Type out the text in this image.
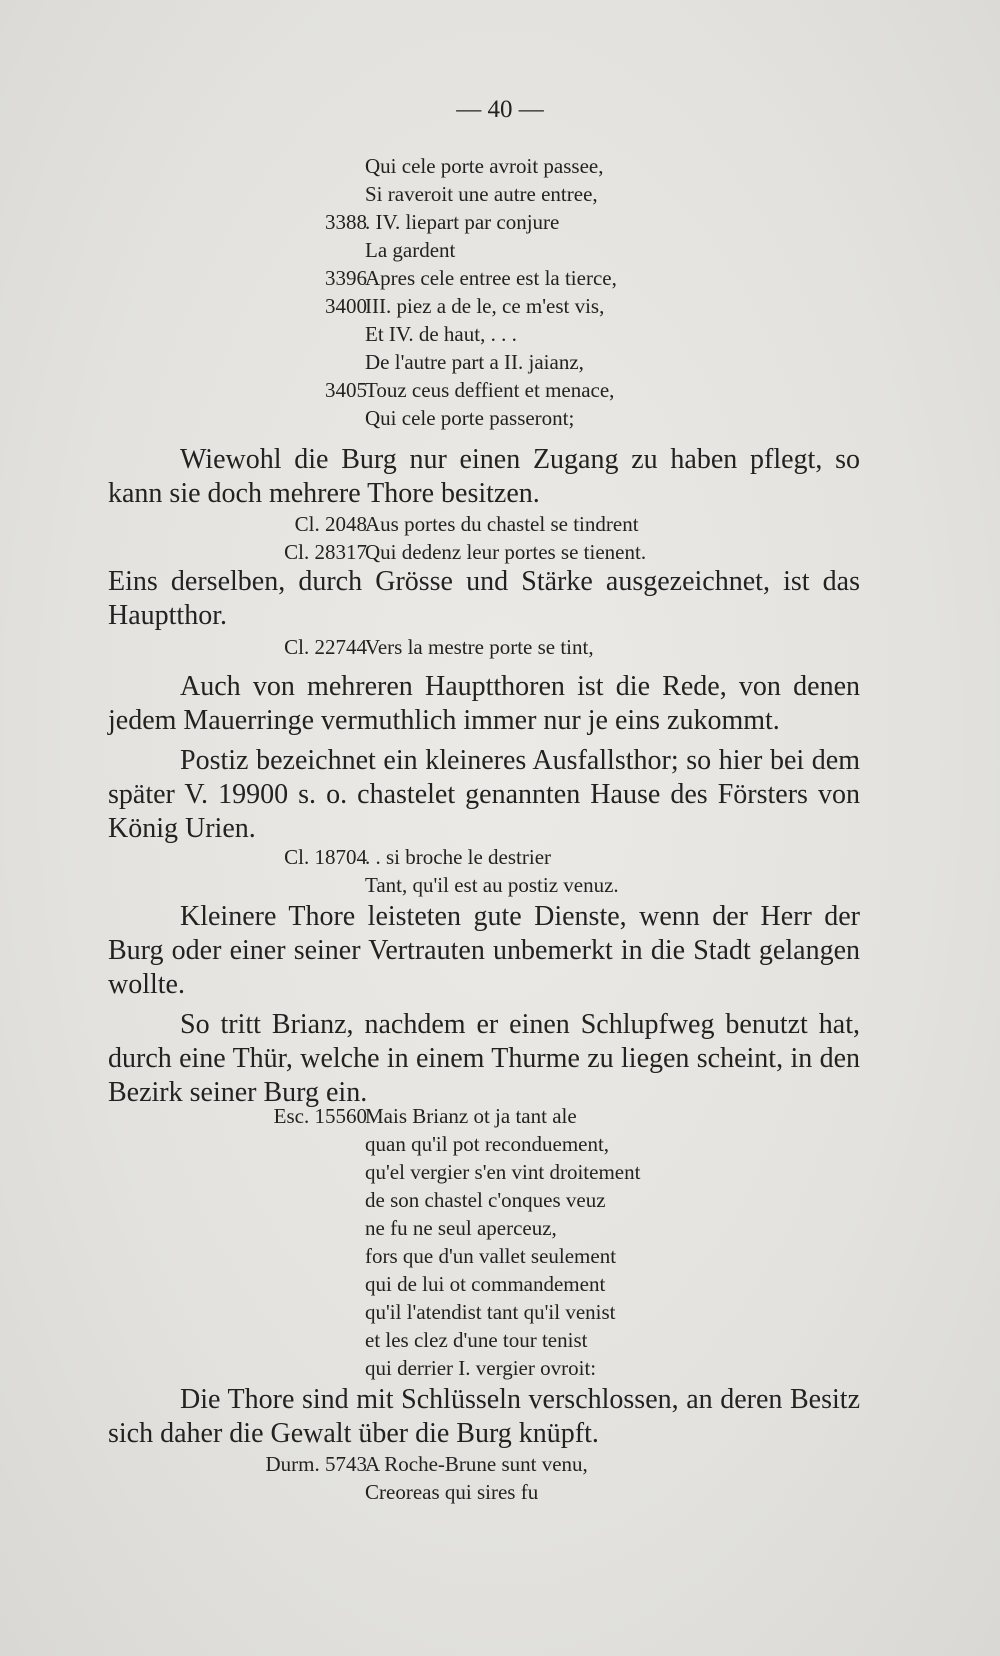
— 40 —
Qui cele porte avroit passee,
Si raveroit une autre entree,
3388
. IV. liepart par conjure
La gardent
3396
Apres cele entree est la tierce,
3400
III. piez a de le, ce m'est vis,
Et IV. de haut, . . .
De l'autre part a II. jaianz,
3405
Touz ceus deffient et menace,
Qui cele porte passeront;

Wiewohl die Burg nur einen Zugang zu haben pflegt, so kann sie doch mehrere Thore besitzen.

Cl. 2048
Aus portes du chastel se tindrent
Cl. 28317
Qui dedenz leur portes se tienent.

Eins derselben, durch Grösse und Stärke ausgezeichnet, ist das Hauptthor.

Cl. 22744
Vers la mestre porte se tint,

Auch von mehreren Hauptthoren ist die Rede, von denen jedem Mauerringe vermuthlich immer nur je eins zukommt.

Postiz bezeichnet ein kleineres Ausfallsthor; so hier bei dem später V. 19900 s. o. chastelet genannten Hause des Försters von König Urien.

Cl. 18704
. . si broche le destrier
Tant, qu'il est au postiz venuz.

Kleinere Thore leisteten gute Dienste, wenn der Herr der Burg oder einer seiner Vertrauten unbemerkt in die Stadt gelangen wollte.

So tritt Brianz, nachdem er einen Schlupfweg benutzt hat, durch eine Thür, welche in einem Thurme zu liegen scheint, in den Bezirk seiner Burg ein.

Esc. 15560
Mais Brianz ot ja tant ale
quan qu'il pot reconduement,
qu'el vergier s'en vint droitement
de son chastel c'onques veuz
ne fu ne seul aperceuz,
fors que d'un vallet seulement
qui de lui ot commandement
qu'il l'atendist tant qu'il venist
et les clez d'une tour tenist
qui derrier I. vergier ovroit:

Die Thore sind mit Schlüsseln verschlossen, an deren Besitz sich daher die Gewalt über die Burg knüpft.

Durm. 5743
A Roche-Brune sunt venu,
Creoreas qui sires fu
